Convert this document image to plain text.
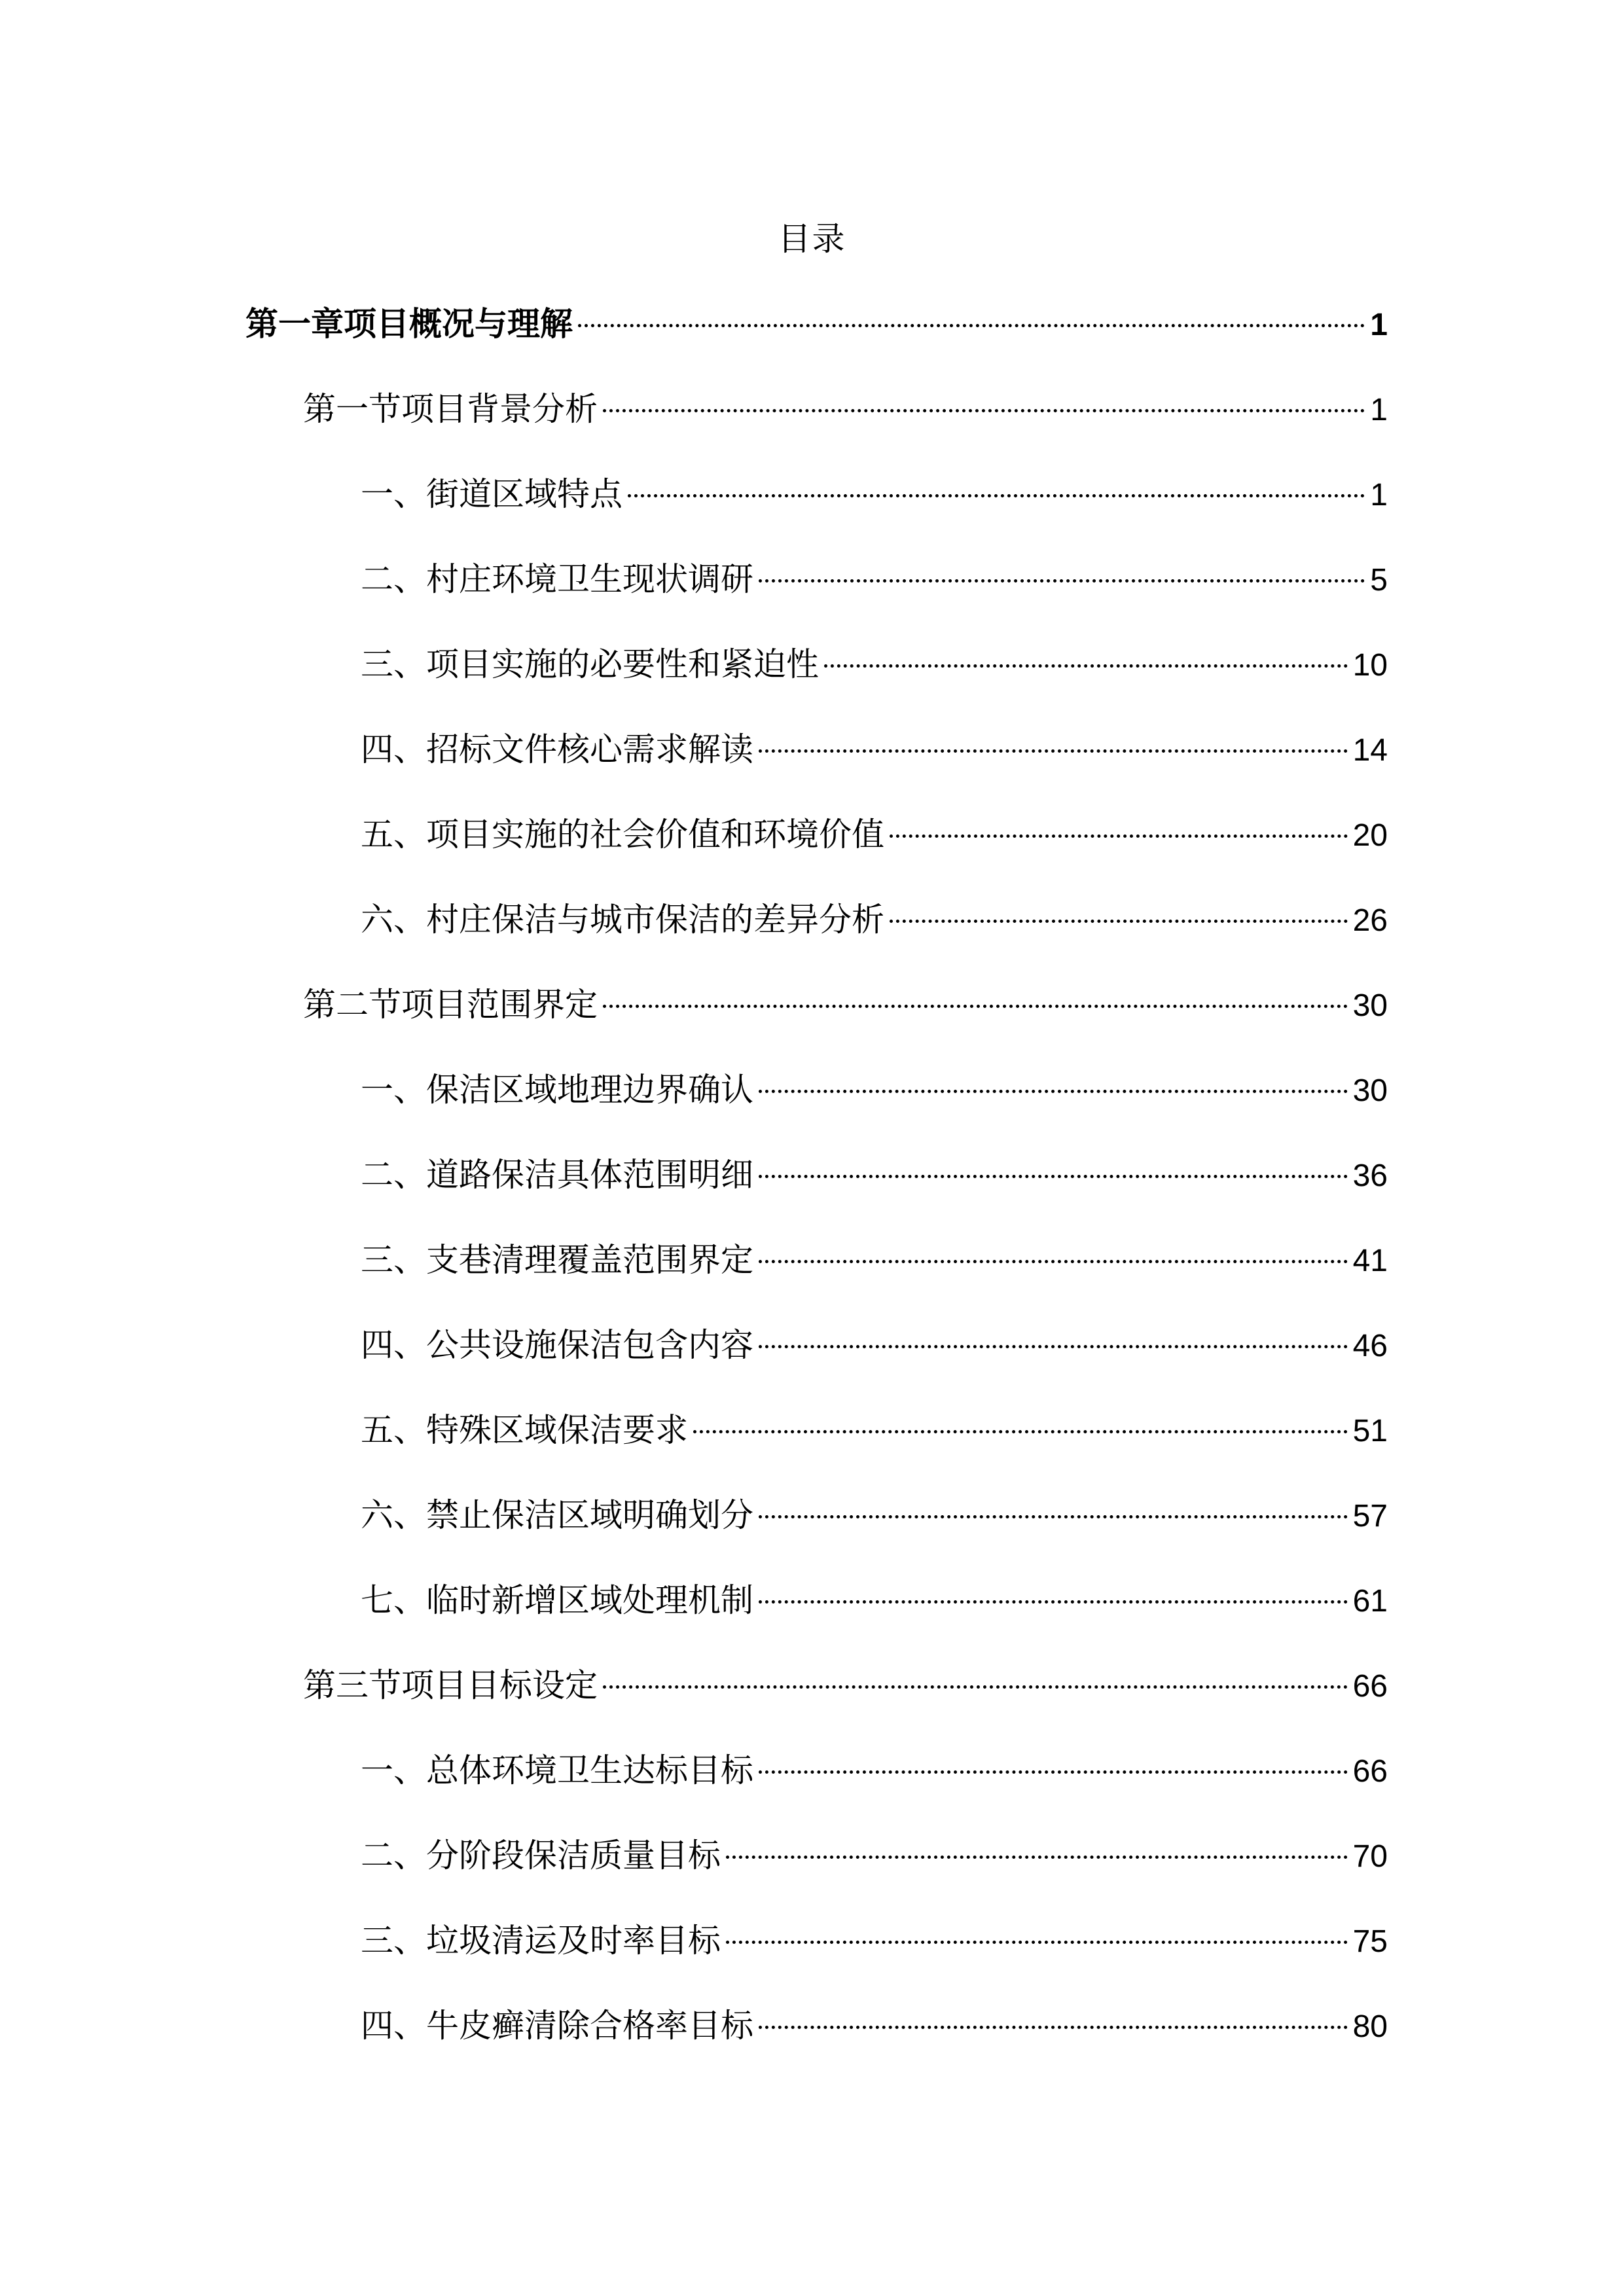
目录
第一章项目概况与理解	1
第一节项目背景分析	1
一、街道区域特点	1
二、村庄环境卫生现状调研	5
三、项目实施的必要性和紧迫性	10
四、招标文件核心需求解读	14
五、项目实施的社会价值和环境价值	20
六、村庄保洁与城市保洁的差异分析	26
第二节项目范围界定	30
一、保洁区域地理边界确认	30
二、道路保洁具体范围明细	36
三、支巷清理覆盖范围界定	41
四、公共设施保洁包含内容	46
五、特殊区域保洁要求	51
六、禁止保洁区域明确划分	57
七、临时新增区域处理机制	61
第三节项目目标设定	66
一、总体环境卫生达标目标	66
二、分阶段保洁质量目标	70
三、垃圾清运及时率目标	75
四、牛皮癣清除合格率目标	80
